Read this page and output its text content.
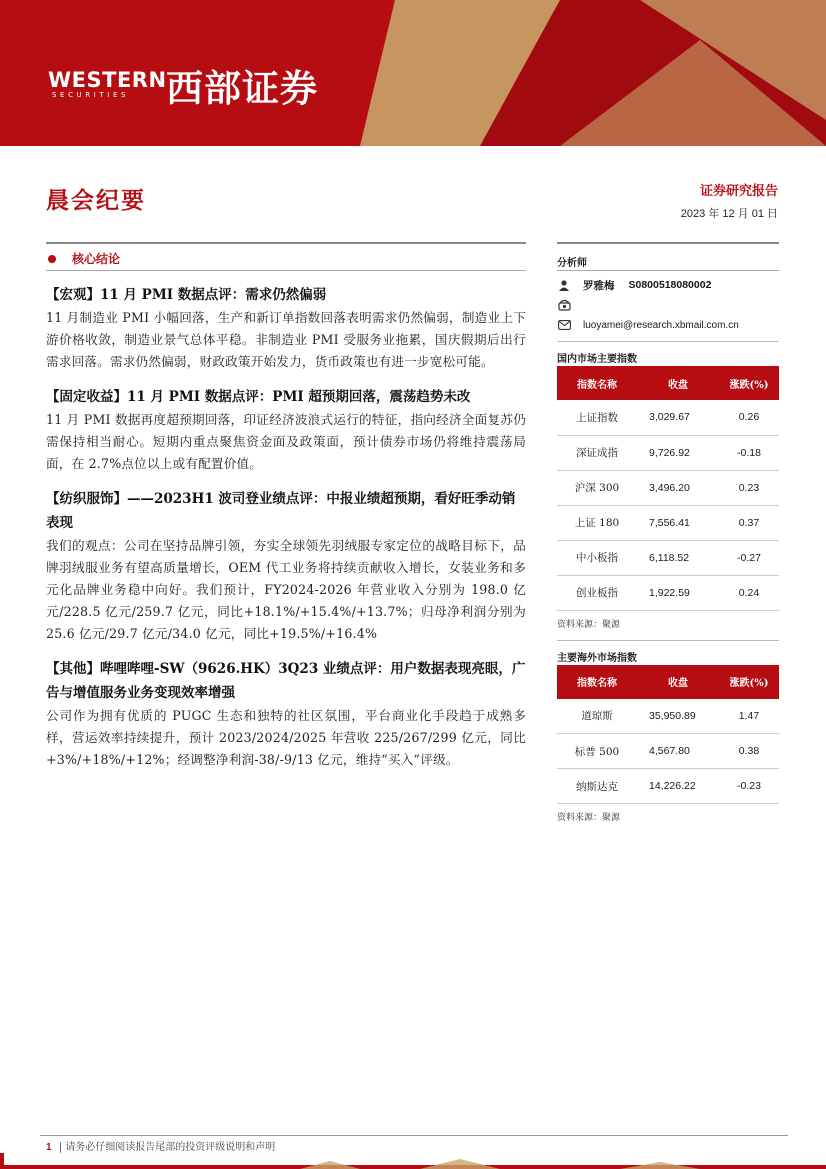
WESTERN
SECURITIES 西部证券
晨会纪要	证券研究报告
2023 年 12 月 01 日
核心结论
【宏观】11 月 PMI 数据点评：需求仍然偏弱
11 月制造业 PMI 小幅回落，生产和新订单指数回落表明需求仍然偏弱，制造业上下游价格收敛，制造业景气总体平稳。非制造业 PMI 受服务业拖累，国庆假期后出行需求回落。需求仍然偏弱，财政政策开始发力，货币政策也有进一步宽松可能。
【固定收益】11 月 PMI 数据点评：PMI 超预期回落，震荡趋势未改
11 月 PMI 数据再度超预期回落，印证经济波浪式运行的特征，指向经济全面复苏仍需保持相当耐心。短期内重点聚焦资金面及政策面，预计债券市场仍将维持震荡局面，在 2.7%点位以上或有配置价值。
【纺织服饰】——2023H1 波司登业绩点评：中报业绩超预期，看好旺季动销表现
我们的观点：公司在坚持品牌引领，夯实全球领先羽绒服专家定位的战略目标下，品牌羽绒服业务有望高质量增长，OEM 代工业务将持续贡献收入增长，女装业务和多元化品牌业务稳中向好。我们预计，FY2024-2026 年营业收入分别为 198.0 亿元/228.5 亿元/259.7 亿元，同比+18.1%/+15.4%/+13.7%；归母净利润分别为 25.6 亿元/29.7 亿元/34.0 亿元，同比+19.5%/+16.4%
【其他】哔哩哔哩-SW（9626.HK）3Q23 业绩点评：用户数据表现亮眼，广告与增值服务业务变现效率增强
公司作为拥有优质的 PUGC 生态和独特的社区氛围，平台商业化手段趋于成熟多样，营运效率持续提升，预计 2023/2024/2025 年营收 225/267/299 亿元，同比+3%/+18%/+12%；经调整净利润-38/-9/13 亿元，维持“买入”评级。
分析师
罗雅梅 S0800518080002
luoyamei@research.xbmail.com.cn
国内市场主要指数
指数名称	收盘	涨跌(%)
上证指数	3,029.67	0.26
深证成指	9,726.92	-0.18
沪深 300	3,496.20	0.23
上证 180	7,556.41	0.37
中小板指	6,118.52	-0.27
创业板指	1,922.59	0.24
资料来源：聚源
主要海外市场指数
指数名称	收盘	涨跌(%)
道琼斯	35,950.89	1.47
标普 500	4,567.80	0.38
纳斯达克	14,226.22	-0.23
资料来源：聚源
1 | 请务必仔细阅读报告尾部的投资评级说明和声明
